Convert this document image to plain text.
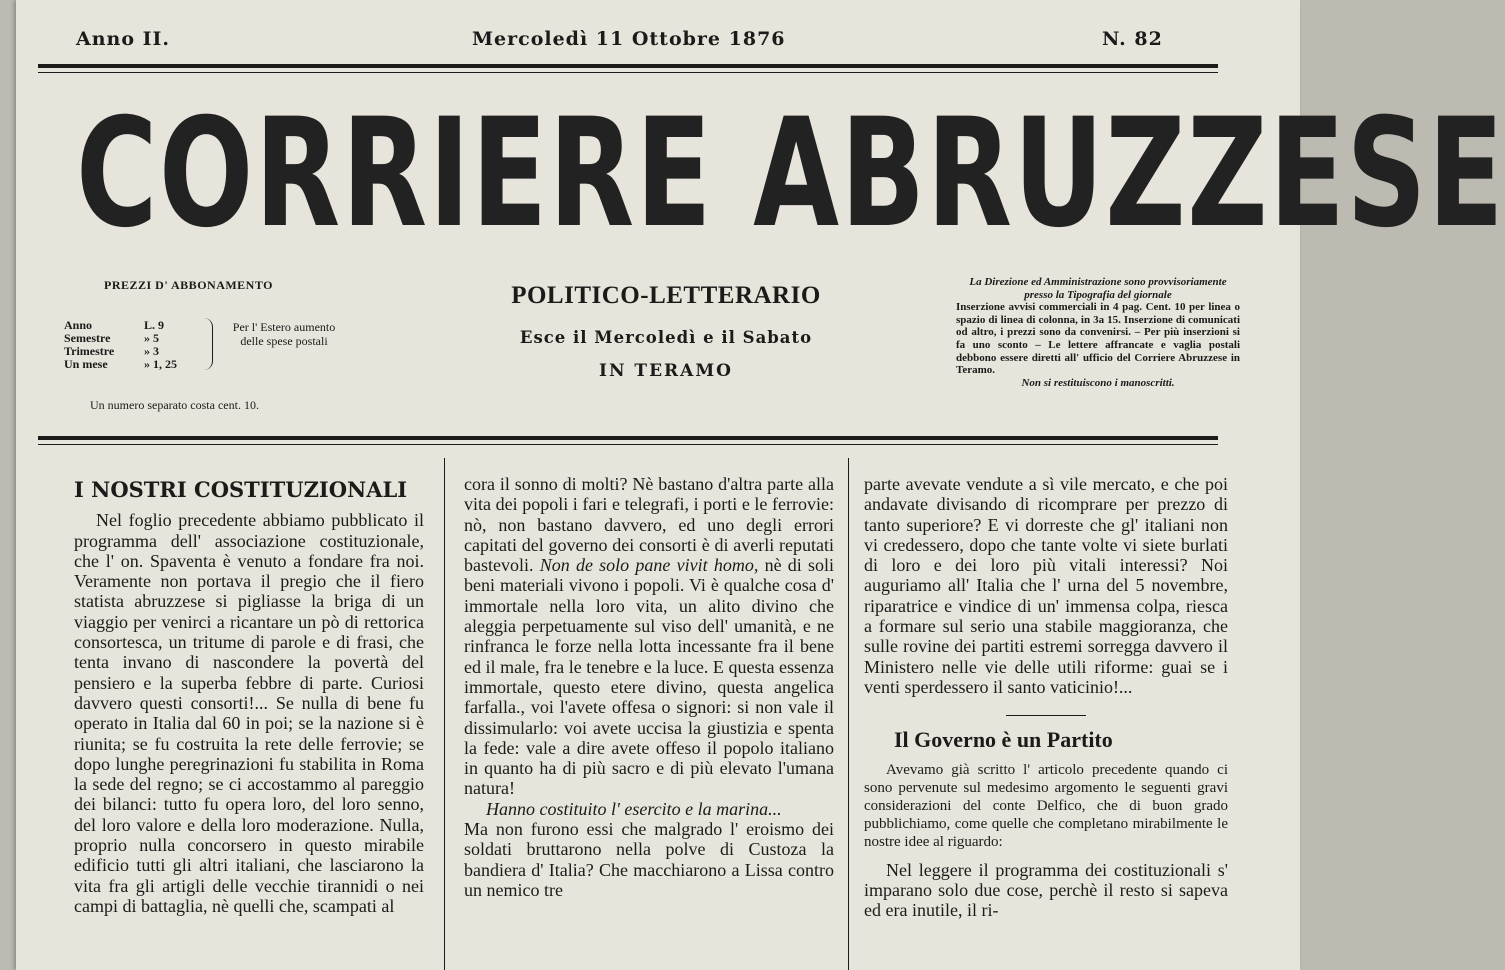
Anno II.	Mercoledì 11 Ottobre 1876	N. 82
CORRIERE ABRUZZESE
PREZZI D' ABBONAMENTO
Anno	L. 9
Semestre	» 5
Trimestre » 3
Un mese	» 1, 25
Per l' Estero aumento delle spese postali
Un numero separato costa cent. 10.
POLITICO-LETTERARIO
Esce il Mercoledì e il Sabato
IN TERAMO
La Direzione ed Amministrazione sono provvisoriamente presso la Tipografia del giornale
Inserzione avvisi commerciali in 4 pag. Cent. 10 per linea o spazio di linea di colonna, in 3a 15. Inserzione di comunicati od altro, i prezzi sono da convenirsi. – Per più inserzioni si fa uno sconto – Le lettere affrancate e vaglia postali debbono essere diretti all' ufficio del Corriere Abruzzese in Teramo.
Non si restituiscono i manoscritti.
I NOSTRI COSTITUZIONALI

Nel foglio precedente abbiamo pubblicato il programma dell' associazione costituzionale, che l' on. Spaventa è venuto a fondare fra noi. Veramente non portava il pregio che il fiero statista abruzzese si pigliasse la briga di un viaggio per venirci a ricantare un pò di rettorica consortesca, un tritume di parole e di frasi, che tenta invano di nascondere la povertà del pensiero e la superba febbre di parte. Curiosi davvero questi consorti!... Se nulla di bene fu operato in Italia dal 60 in poi; se la nazione si è riunita; se fu costruita la rete delle ferrovie; se dopo lunghe peregrinazioni fu stabilita in Roma la sede del regno; se ci accostammo al pareggio dei bilanci: tutto fu opera loro, del loro senno, del loro valore e della loro moderazione. Nulla, proprio nulla concorsero in questo mirabile edificio tutti gli altri italiani, che lasciarono la vita fra gli artigli delle vecchie tirannidi o nei campi di battaglia, nè quelli che, scampati al

cora il sonno di molti? Nè bastano d'altra parte alla vita dei popoli i fari e telegrafi, i porti e le ferrovie: nò, non bastano davvero, ed uno degli errori capitati del governo dei consorti è di averli reputati bastevoli. Non de solo pane vivit homo, nè di soli beni materiali vivono i popoli. Vi è qualche cosa d' immortale nella loro vita, un alito divino che aleggia perpetuamente sul viso dell' umanità, e ne rinfranca le forze nella lotta incessante fra il bene ed il male, fra le tenebre e la luce. E questa essenza immortale, questo etere divino, questa angelica farfalla., voi l'avete offesa o signori: si non vale il dissimularlo: voi avete uccisa la giustizia e spenta la fede: vale a dire avete offeso il popolo italiano in quanto ha di più sacro e di più elevato l'umana natura!

Hanno costituito l' esercito e la marina...

Ma non furono essi che malgrado l' eroismo dei soldati bruttarono nella polve di Custoza la bandiera d' Italia? Che macchiarono a Lissa contro un nemico tre

parte avevate vendute a sì vile mercato, e che poi andavate divisando di ricomprare per prezzo di tanto superiore? E vi dorreste che gl' italiani non vi credessero, dopo che tante volte vi siete burlati di loro e dei loro più vitali interessi? Noi auguriamo all' Italia che l' urna del 5 novembre, riparatrice e vindice di un' immensa colpa, riesca a formare sul serio una stabile maggioranza, che sulle rovine dei partiti estremi sorregga davvero il Ministero nelle vie delle utili riforme: guai se i venti sperdessero il santo vaticinio!...

Il Governo è un Partito

Avevamo già scritto l' articolo precedente quando ci sono pervenute sul medesimo argomento le seguenti gravi considerazioni del conte Delfico, che di buon grado pubblichiamo, come quelle che completano mirabilmente le nostre idee al riguardo:

Nel leggere il programma dei costituzionali s' imparano solo due cose, perchè il resto si sapeva ed era inutile, il ri-
